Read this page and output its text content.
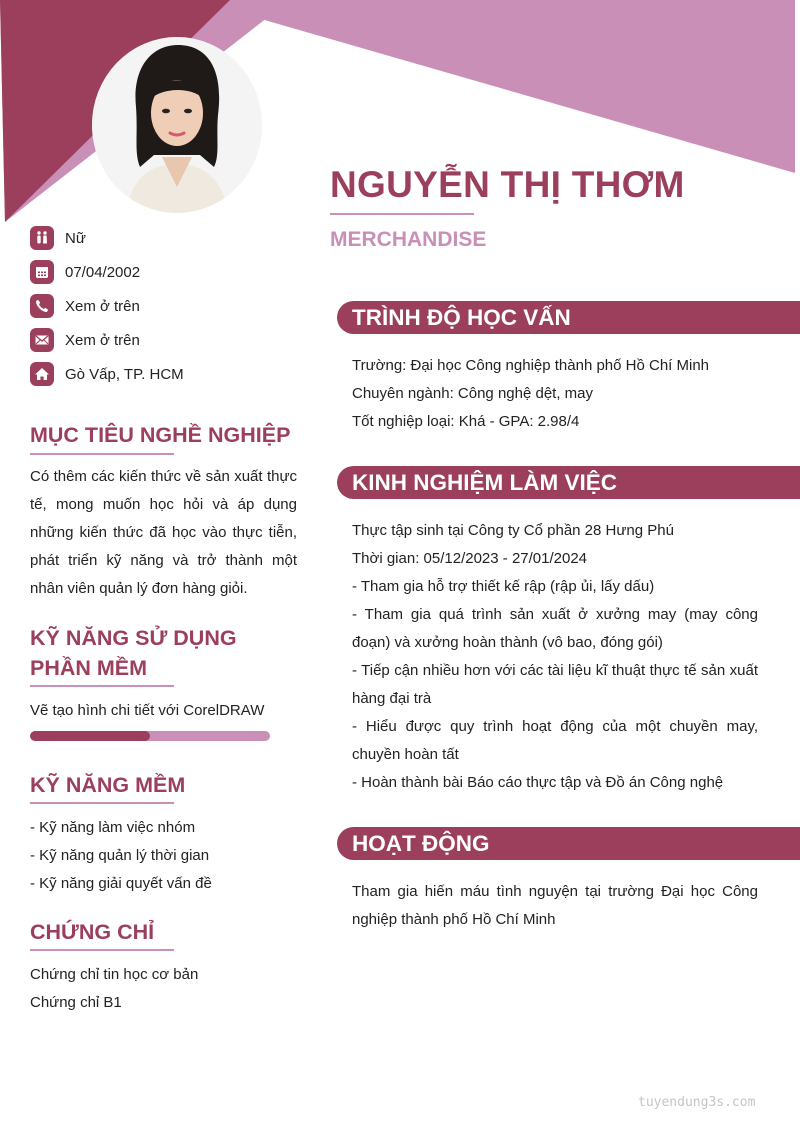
NGUYỄN THỊ THƠM
MERCHANDISE
Nữ
07/04/2002
Xem ở trên
Xem ở trên
Gò Vấp, TP. HCM
MỤC TIÊU NGHỀ NGHIỆP
Có thêm các kiến thức về sản xuất thực
tế, mong muốn học hỏi và áp dụng
những kiến thức đã học vào thực tiễn,
phát triển kỹ năng và trở thành một
nhân viên quản lý đơn hàng giỏi.
KỸ NĂNG SỬ DỤNG
PHẦN MỀM
Vẽ tạo hình chi tiết với CorelDRAW
KỸ NĂNG MỀM
- Kỹ năng làm việc nhóm
- Kỹ năng quản lý thời gian
- Kỹ năng giải quyết vấn đề
CHỨNG CHỈ
Chứng chỉ tin học cơ bản
Chứng chỉ B1
TRÌNH ĐỘ HỌC VẤN
Trường: Đại học Công nghiệp thành phố Hồ Chí Minh
Chuyên ngành: Công nghệ dệt, may
Tốt nghiệp loại: Khá - GPA: 2.98/4
KINH NGHIỆM LÀM VIỆC
Thực tập sinh tại Công ty Cổ phần 28 Hưng Phú
Thời gian: 05/12/2023 - 27/01/2024
- Tham gia hỗ trợ thiết kế rập (rập ủi, lấy dấu)
- Tham gia quá trình sản xuất ở xưởng may (may công
đoạn) và xưởng hoàn thành (vô bao, đóng gói)
- Tiếp cận nhiều hơn với các tài liệu kĩ thuật thực tế sản xuất
hàng đại trà
- Hiểu được quy trình hoạt động của một chuyền may,
chuyền hoàn tất
- Hoàn thành bài Báo cáo thực tập và Đồ án Công nghệ
HOẠT ĐỘNG
Tham gia hiến máu tình nguyện tại trường Đại học Công
nghiệp thành phố Hồ Chí Minh
tuyendung3s.com
